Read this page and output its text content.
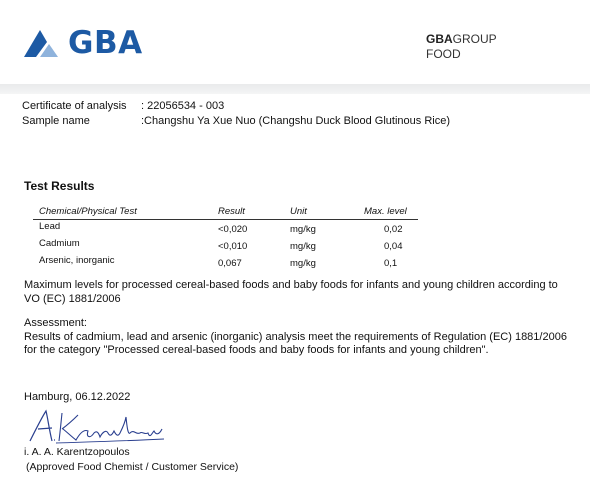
GBA	GBAGROUP
FOOD
Certificate of analysis	: 22056534 - 003
Sample name	:Changshu Ya Xue Nuo (Changshu Duck Blood Glutinous Rice)
Test Results
Chemical/Physical Test	Result	Unit	Max. level
Lead	<0,020	mg/kg	0,02
Cadmium	<0,010	mg/kg	0,04
Arsenic, inorganic	0,067	mg/kg	0,1
Maximum levels for processed cereal-based foods and baby foods for infants and young children according to VO (EC) 1881/2006
Assessment:
Results of cadmium, lead and arsenic (inorganic) analysis meet the requirements of Regulation (EC) 1881/2006 for the category "Processed cereal-based foods and baby foods for infants and young children".
Hamburg, 06.12.2022
i. A. A. Karentzopoulos
(Approved Food Chemist / Customer Service)
